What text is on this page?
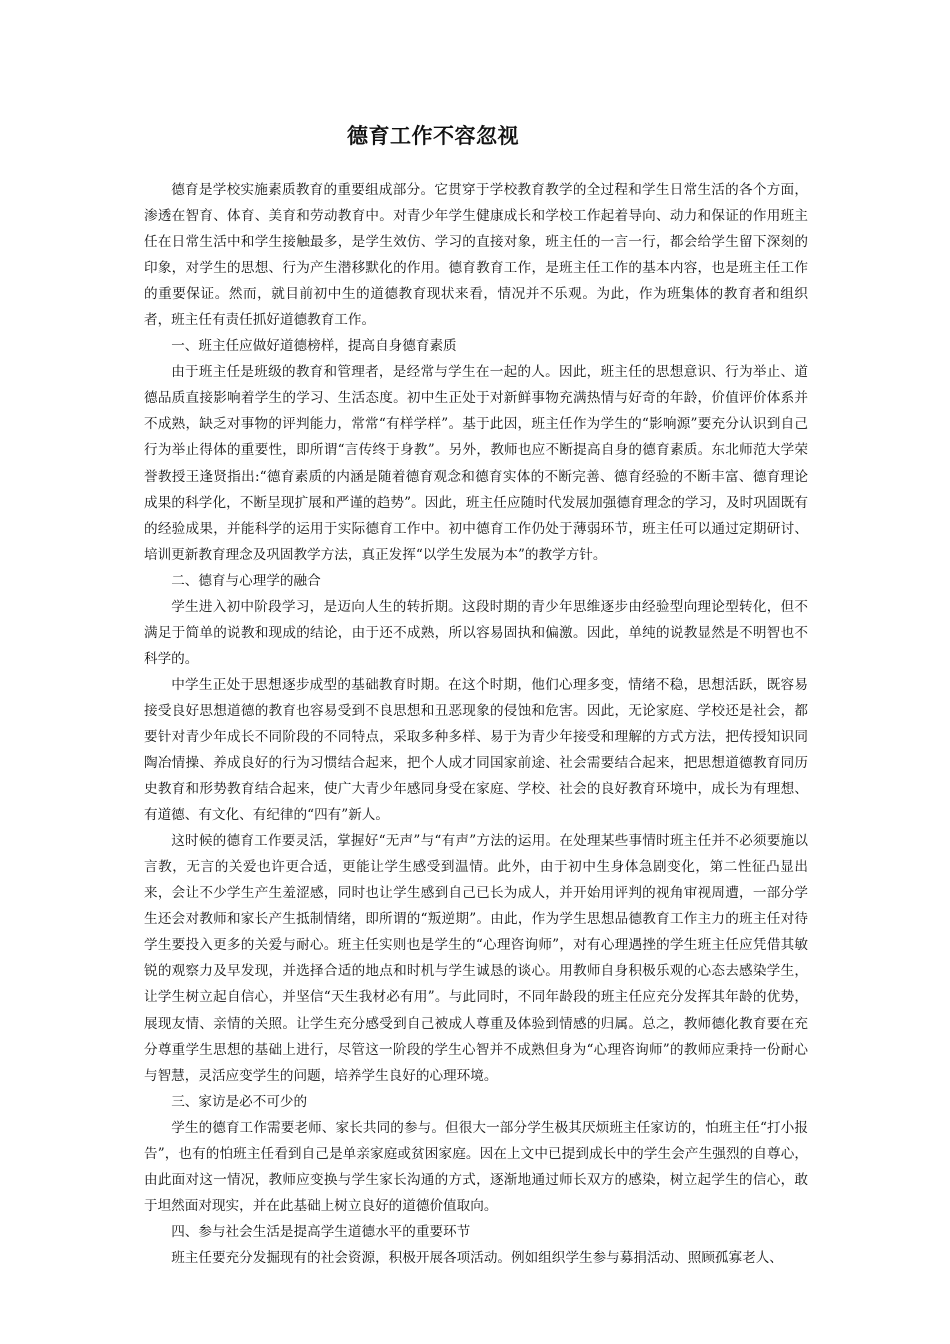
德育工作不容忽视

德育是学校实施素质教育的重要组成部分。它贯穿于学校教育教学的全过程和学生日常生活的各个方面，渗透在智育、体育、美育和劳动教育中。对青少年学生健康成长和学校工作起着导向、动力和保证的作用班主任在日常生活中和学生接触最多，是学生效仿、学习的直接对象，班主任的一言一行，都会给学生留下深刻的印象，对学生的思想、行为产生潜移默化的作用。德育教育工作，是班主任工作的基本内容，也是班主任工作的重要保证。然而，就目前初中生的道德教育现状来看，情况并不乐观。为此，作为班集体的教育者和组织者，班主任有责任抓好道德教育工作。

一、班主任应做好道德榜样，提高自身德育素质

由于班主任是班级的教育和管理者，是经常与学生在一起的人。因此，班主任的思想意识、行为举止、道德品质直接影响着学生的学习、生活态度。初中生正处于对新鲜事物充满热情与好奇的年龄，价值评价体系并不成熟，缺乏对事物的评判能力，常常“有样学样”。基于此因，班主任作为学生的“影响源”要充分认识到自己行为举止得体的重要性，即所谓“言传终于身教”。另外，教师也应不断提高自身的德育素质。东北师范大学荣誉教授王逢贤指出:“德育素质的内涵是随着德育观念和德育实体的不断完善、德育经验的不断丰富、德育理论成果的科学化，不断呈现扩展和严谨的趋势”。因此，班主任应随时代发展加强德育理念的学习，及时巩固既有的经验成果，并能科学的运用于实际德育工作中。初中德育工作仍处于薄弱环节，班主任可以通过定期研讨、培训更新教育理念及巩固教学方法，真正发挥“以学生发展为本”的教学方针。

二、德育与心理学的融合

学生进入初中阶段学习，是迈向人生的转折期。这段时期的青少年思维逐步由经验型向理论型转化，但不满足于简单的说教和现成的结论，由于还不成熟，所以容易固执和偏激。因此，单纯的说教显然是不明智也不科学的。

中学生正处于思想逐步成型的基础教育时期。在这个时期，他们心理多变，情绪不稳，思想活跃，既容易接受良好思想道德的教育也容易受到不良思想和丑恶现象的侵蚀和危害。因此，无论家庭、学校还是社会，都要针对青少年成长不同阶段的不同特点，采取多种多样、易于为青少年接受和理解的方式方法，把传授知识同陶冶情操、养成良好的行为习惯结合起来，把个人成才同国家前途、社会需要结合起来，把思想道德教育同历史教育和形势教育结合起来，使广大青少年感同身受在家庭、学校、社会的良好教育环境中，成长为有理想、有道德、有文化、有纪律的“四有”新人。

这时候的德育工作要灵活，掌握好“无声”与“有声”方法的运用。在处理某些事情时班主任并不必须要施以言教，无言的关爱也许更合适，更能让学生感受到温情。此外，由于初中生身体急剧变化，第二性征凸显出来，会让不少学生产生羞涩感，同时也让学生感到自己已长为成人，并开始用评判的视角审视周遭，一部分学生还会对教师和家长产生抵制情绪，即所谓的“叛逆期”。由此，作为学生思想品德教育工作主力的班主任对待学生要投入更多的关爱与耐心。班主任实则也是学生的“心理咨询师”，对有心理遇挫的学生班主任应凭借其敏锐的观察力及早发现，并选择合适的地点和时机与学生诚恳的谈心。用教师自身积极乐观的心态去感染学生，让学生树立起自信心，并坚信“天生我材必有用”。与此同时，不同年龄段的班主任应充分发挥其年龄的优势，展现友情、亲情的关照。让学生充分感受到自己被成人尊重及体验到情感的归属。总之，教师德化教育要在充分尊重学生思想的基础上进行，尽管这一阶段的学生心智并不成熟但身为“心理咨询师”的教师应秉持一份耐心与智慧，灵活应变学生的问题，培养学生良好的心理环境。

三、家访是必不可少的

学生的德育工作需要老师、家长共同的参与。但很大一部分学生极其厌烦班主任家访的，怕班主任“打小报告”，也有的怕班主任看到自己是单亲家庭或贫困家庭。因在上文中已提到成长中的学生会产生强烈的自尊心，由此面对这一情况，教师应变换与学生家长沟通的方式，逐渐地通过师长双方的感染，树立起学生的信心，敢于坦然面对现实，并在此基础上树立良好的道德价值取向。

四、参与社会生活是提高学生道德水平的重要环节

班主任要充分发掘现有的社会资源，积极开展各项活动。例如组织学生参与募捐活动、照顾孤寡老人、
